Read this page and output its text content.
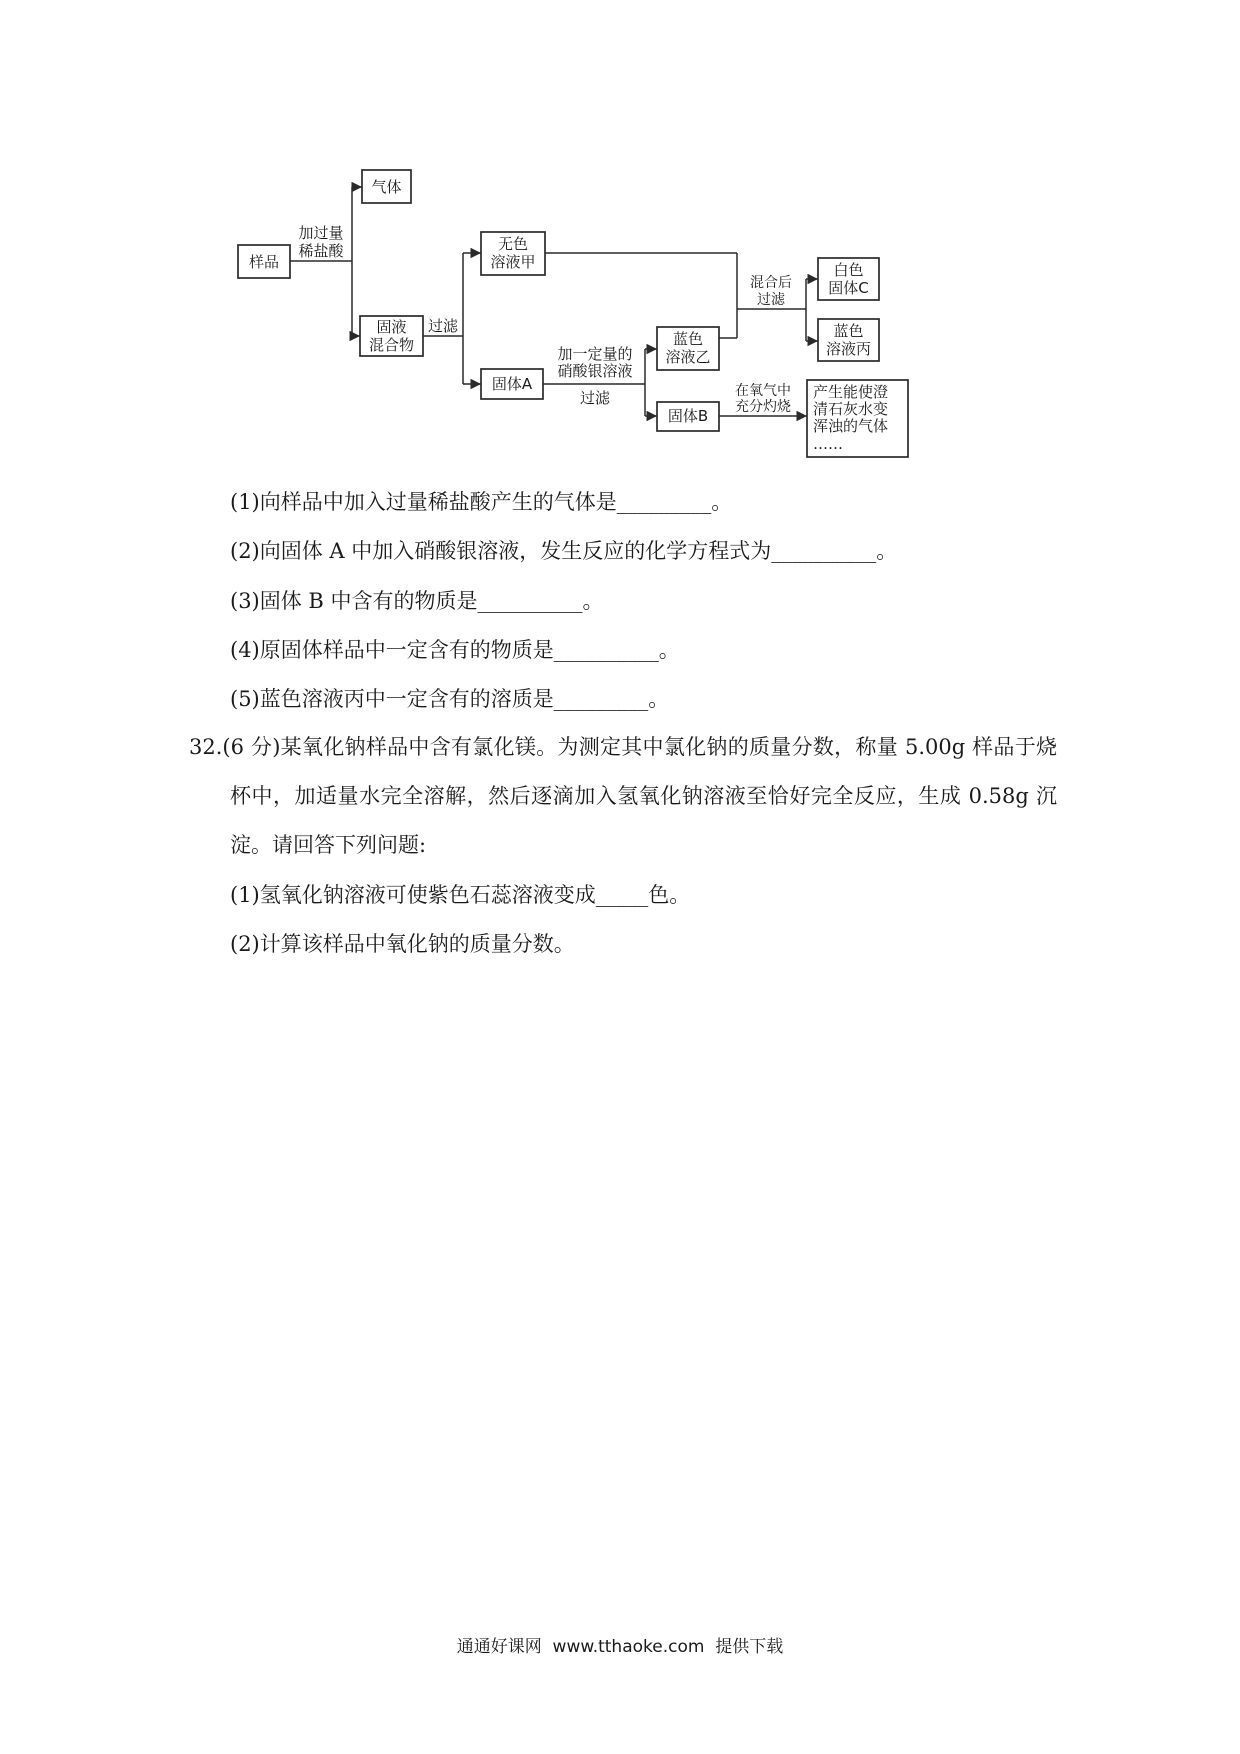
样品
气体
固液
混合物
无色
溶液甲
固体A
蓝色
溶液乙
固体B
白色
固体C
蓝色
溶液丙
产生能使澄
清石灰水变
浑浊的气体
……
加过量
稀盐酸
过滤
加一定量的
硝酸银溶液
过滤
混合后
过滤
在氧气中
充分灼烧
(1)向样品中加入过量稀盐酸产生的气体是_________。
(2)向固体 A 中加入硝酸银溶液，发生反应的化学方程式为__________。
(3)固体 B 中含有的物质是__________。
(4)原固体样品中一定含有的物质是__________。
(5)蓝色溶液丙中一定含有的溶质是_________。
32.(6 分)某氧化钠样品中含有氯化镁。为测定其中氯化钠的质量分数，称量 5.00g 样品于烧
杯中，加适量水完全溶解，然后逐滴加入氢氧化钠溶液至恰好完全反应，生成 0.58g 沉
淀。请回答下列问题:
(1)氢氧化钠溶液可使紫色石蕊溶液变成_____色。
(2)计算该样品中氧化钠的质量分数。
通通好课网  www.tthaoke.com  提供下载
